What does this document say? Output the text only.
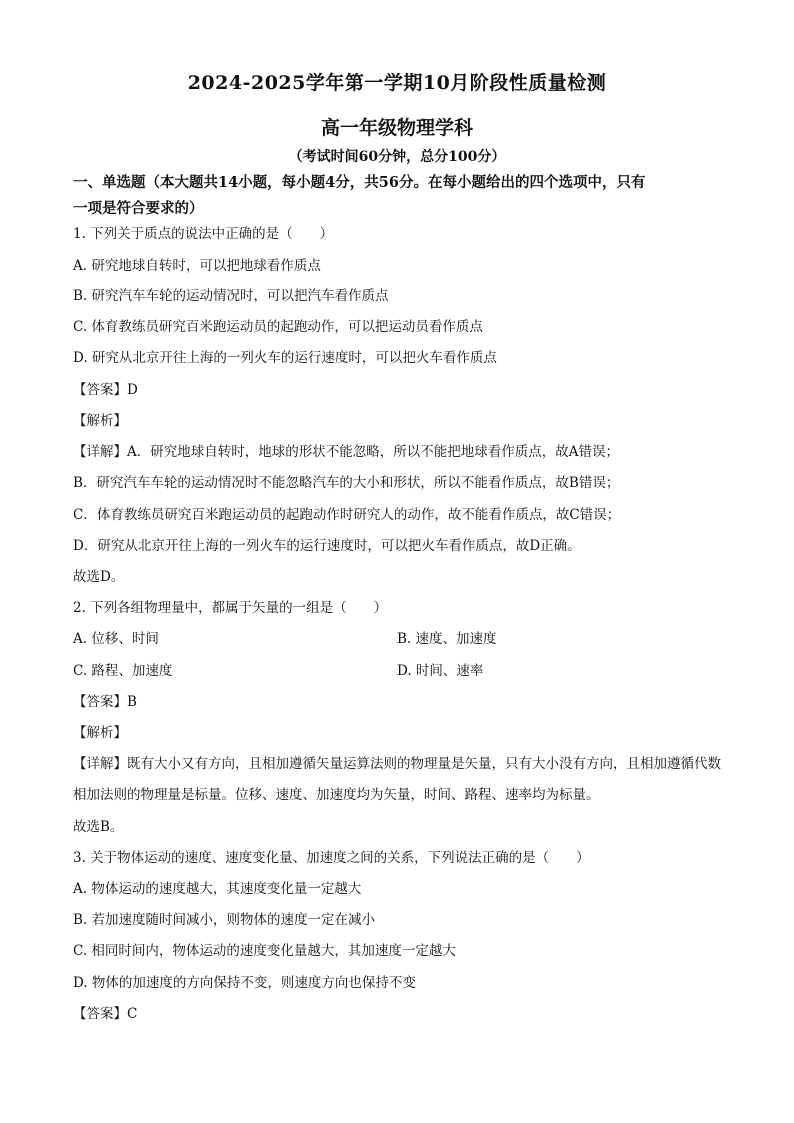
2024-2025学年第一学期10月阶段性质量检测
高一年级物理学科
（考试时间60分钟，总分100分）
一、单选题（本大题共14小题，每小题4分，共56分。在每小题给出的四个选项中，只有
一项是符合要求的）
1. 下列关于质点的说法中正确的是（　　）
A. 研究地球自转时，可以把地球看作质点
B. 研究汽车车轮的运动情况时，可以把汽车看作质点
C. 体育教练员研究百米跑运动员的起跑动作，可以把运动员看作质点
D. 研究从北京开往上海的一列火车的运行速度时，可以把火车看作质点
【答案】D
【解析】
【详解】A．研究地球自转时，地球的形状不能忽略，所以不能把地球看作质点，故A错误；
B．研究汽车车轮的运动情况时不能忽略汽车的大小和形状，所以不能看作质点，故B错误；
C．体育教练员研究百米跑运动员的起跑动作时研究人的动作，故不能看作质点，故C错误；
D．研究从北京开往上海的一列火车的运行速度时，可以把火车看作质点，故D正确。
故选D。
2. 下列各组物理量中，都属于矢量的一组是（　　）
A. 位移、时间	B. 速度、加速度
C. 路程、加速度	D. 时间、速率
【答案】B
【解析】
【详解】既有大小又有方向，且相加遵循矢量运算法则的物理量是矢量，只有大小没有方向，且相加遵循代数相加法则的物理量是标量。位移、速度、加速度均为矢量，时间、路程、速率均为标量。
故选B。
3. 关于物体运动的速度、速度变化量、加速度之间的关系，下列说法正确的是（　　）
A. 物体运动的速度越大，其速度变化量一定越大
B. 若加速度随时间减小，则物体的速度一定在减小
C. 相同时间内，物体运动的速度变化量越大，其加速度一定越大
D. 物体的加速度的方向保持不变，则速度方向也保持不变
【答案】C
